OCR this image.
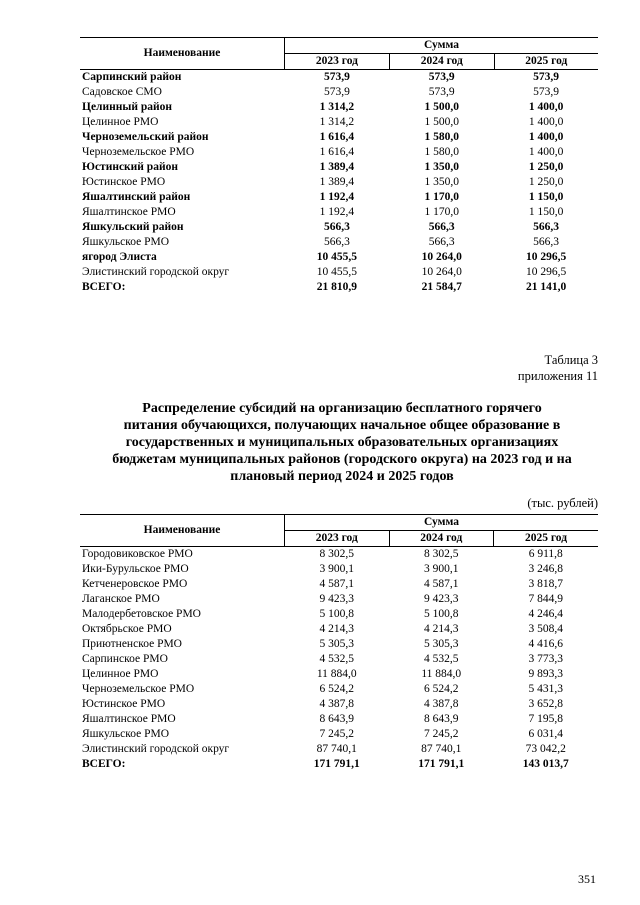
Наименование	Сумма		
	2023 год	2024 год	2025 год
Сарпинский район	573,9	573,9	573,9
Садовское СМО	573,9	573,9	573,9
Целинный район	1 314,2	1 500,0	1 400,0
Целинное РМО	1 314,2	1 500,0	1 400,0
Черноземельский район	1 616,4	1 580,0	1 400,0
Черноземельское РМО	1 616,4	1 580,0	1 400,0
Юстинский район	1 389,4	1 350,0	1 250,0
Юстинское РМО	1 389,4	1 350,0	1 250,0
Яшалтинский район	1 192,4	1 170,0	1 150,0
Яшалтинское РМО	1 192,4	1 170,0	1 150,0
Яшкульский район	566,3	566,3	566,3
Яшкульское РМО	566,3	566,3	566,3
ягород Элиста	10 455,5	10 264,0	10 296,5
Элистинский городской округ	10 455,5	10 264,0	10 296,5
ВСЕГО:	21 810,9	21 584,7	21 141,0
Таблица 3
приложения 11
Распределение субсидий на организацию бесплатного горячего
питания обучающихся, получающих начальное общее образование в
государственных и муниципальных образовательных организациях
бюджетам муниципальных районов (городского округа) на 2023 год и на
плановый период 2024 и 2025 годов
(тыс. рублей)
Наименование	Сумма		
	2023 год	2024 год	2025 год
Городовиковское РМО	8 302,5	8 302,5	6 911,8
Ики-Бурульское РМО	3 900,1	3 900,1	3 246,8
Кетченеровское РМО	4 587,1	4 587,1	3 818,7
Лаганское РМО	9 423,3	9 423,3	7 844,9
Малодербетовское РМО	5 100,8	5 100,8	4 246,4
Октябрьское РМО	4 214,3	4 214,3	3 508,4
Приютненское РМО	5 305,3	5 305,3	4 416,6
Сарпинское РМО	4 532,5	4 532,5	3 773,3
Целинное РМО	11 884,0	11 884,0	9 893,3
Черноземельское РМО	6 524,2	6 524,2	5 431,3
Юстинское РМО	4 387,8	4 387,8	3 652,8
Яшалтинское РМО	8 643,9	8 643,9	7 195,8
Яшкульское РМО	7 245,2	7 245,2	6 031,4
Элистинский городской округ	87 740,1	87 740,1	73 042,2
ВСЕГО:	171 791,1	171 791,1	143 013,7
351
